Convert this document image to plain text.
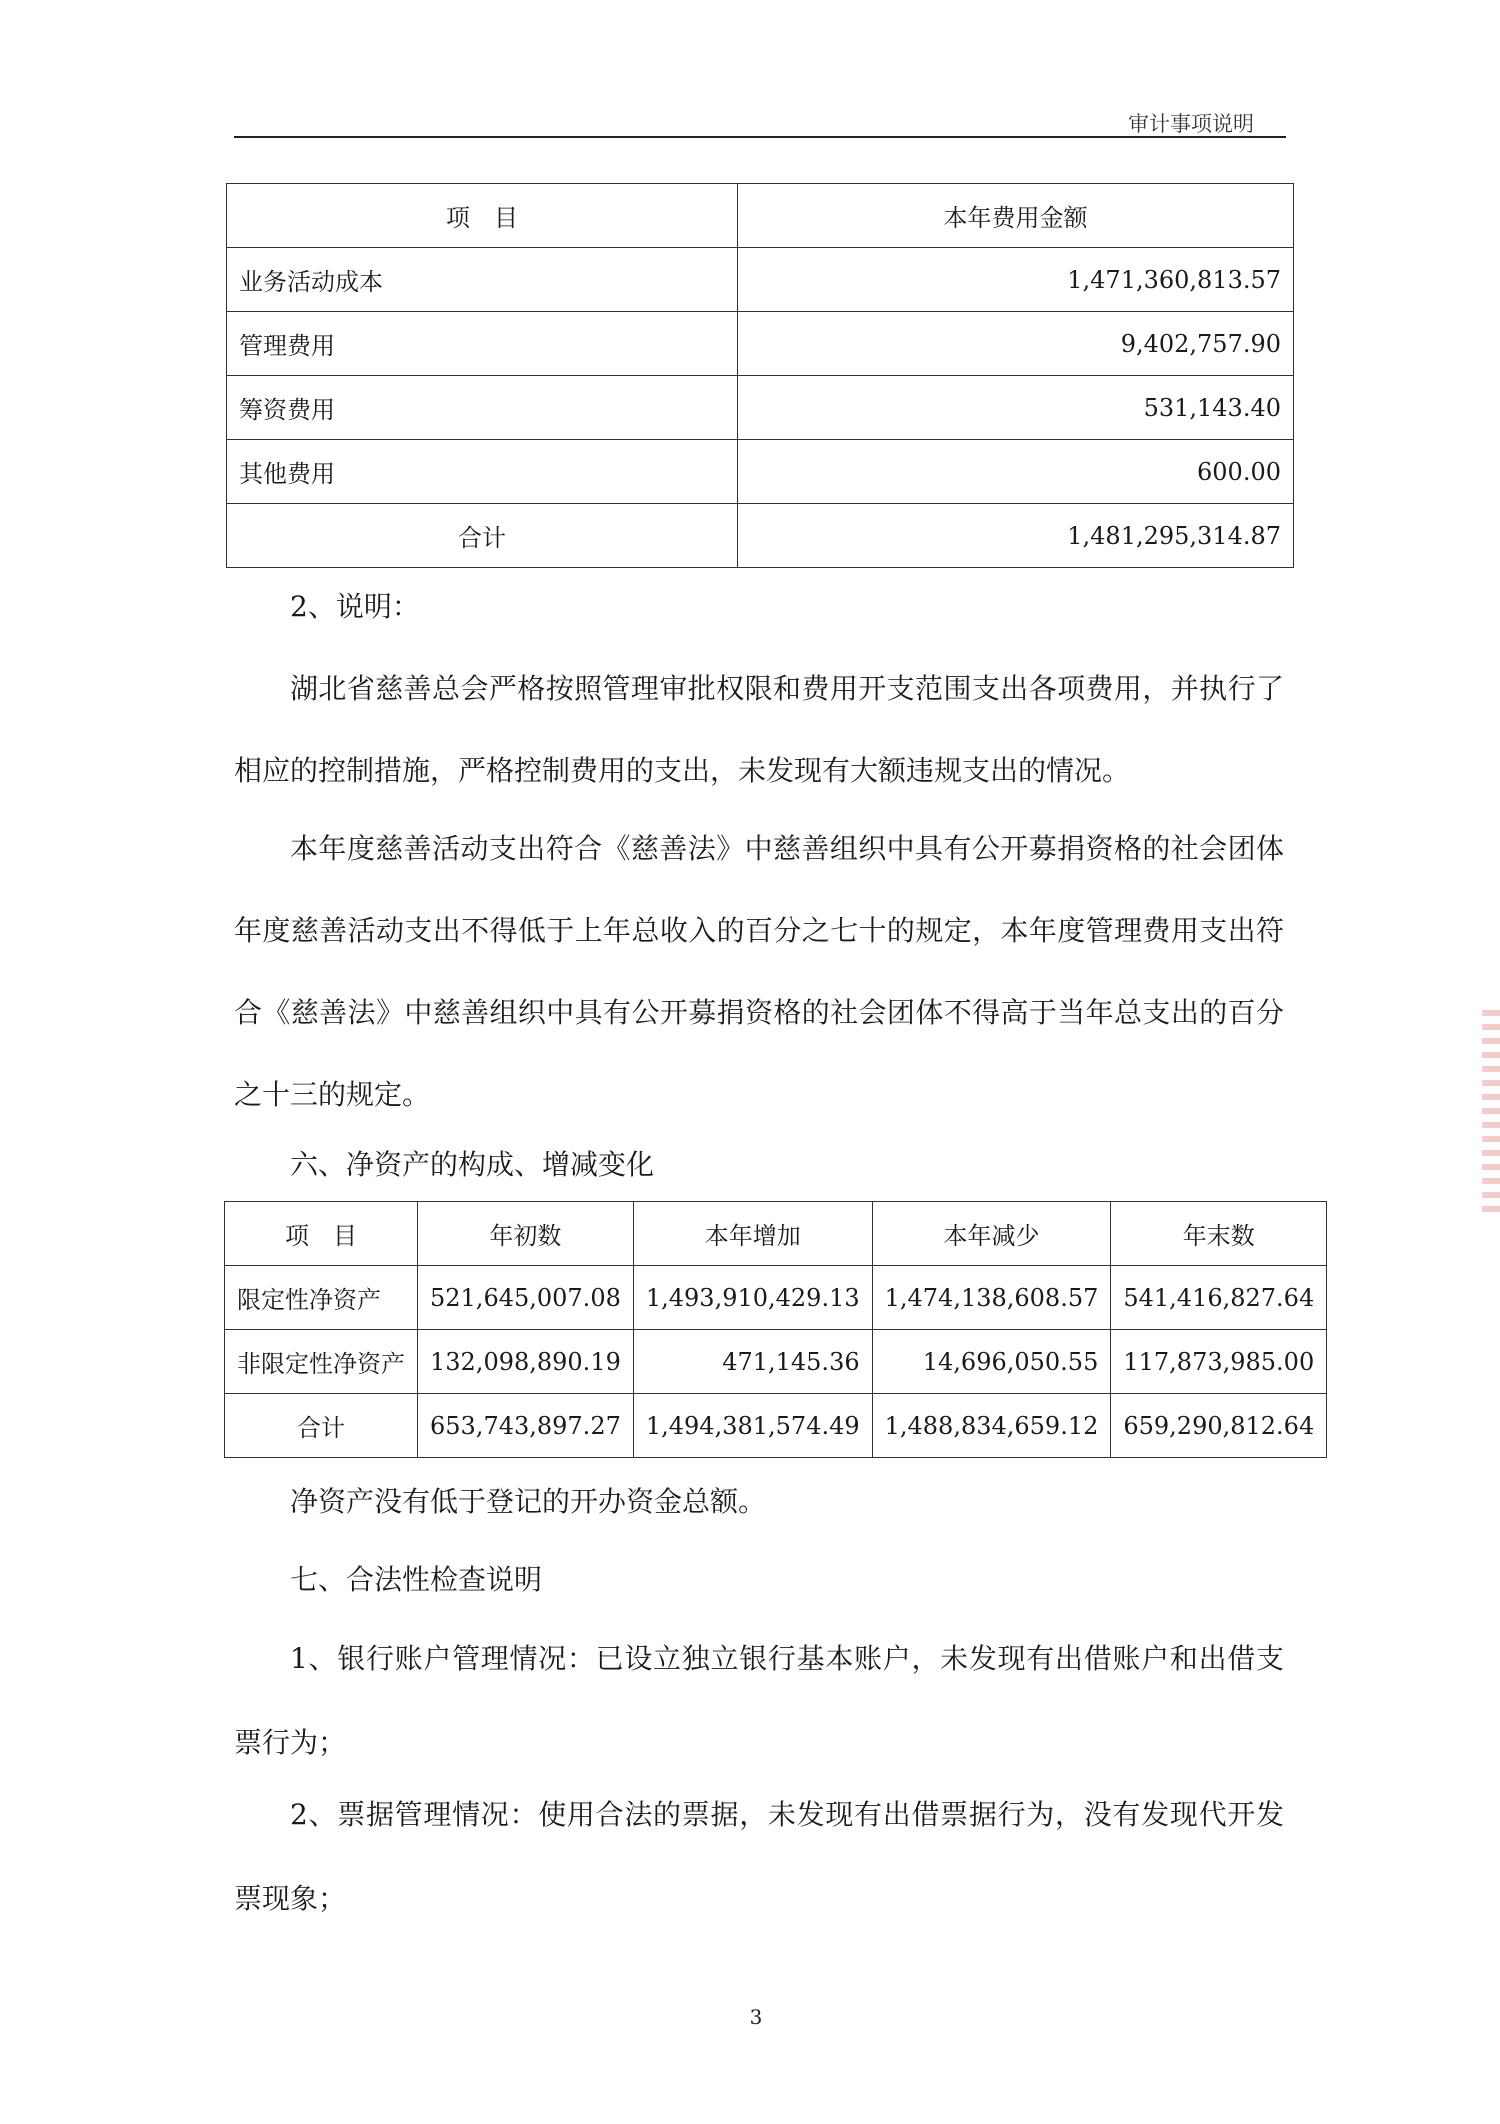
审计事项说明
项　目	本年费用金额
业务活动成本	1,471,360,813.57
管理费用	9,402,757.90
筹资费用	531,143.40
其他费用	600.00
合计	1,481,295,314.87

2、说明：

湖北省慈善总会严格按照管理审批权限和费用开支范围支出各项费用，并执行了相应的控制措施，严格控制费用的支出，未发现有大额违规支出的情况。

本年度慈善活动支出符合《慈善法》中慈善组织中具有公开募捐资格的社会团体年度慈善活动支出不得低于上年总收入的百分之七十的规定，本年度管理费用支出符合《慈善法》中慈善组织中具有公开募捐资格的社会团体不得高于当年总支出的百分之十三的规定。

六、净资产的构成、增减变化

项　目	年初数	本年增加	本年减少	年末数
限定性净资产	521,645,007.08	1,493,910,429.13	1,474,138,608.57	541,416,827.64
非限定性净资产	132,098,890.19	471,145.36	14,696,050.55	117,873,985.00
合计	653,743,897.27	1,494,381,574.49	1,488,834,659.12	659,290,812.64

净资产没有低于登记的开办资金总额。

七、合法性检查说明

1、银行账户管理情况：已设立独立银行基本账户，未发现有出借账户和出借支票行为；

2、票据管理情况：使用合法的票据，未发现有出借票据行为，没有发现代开发票现象；

3
